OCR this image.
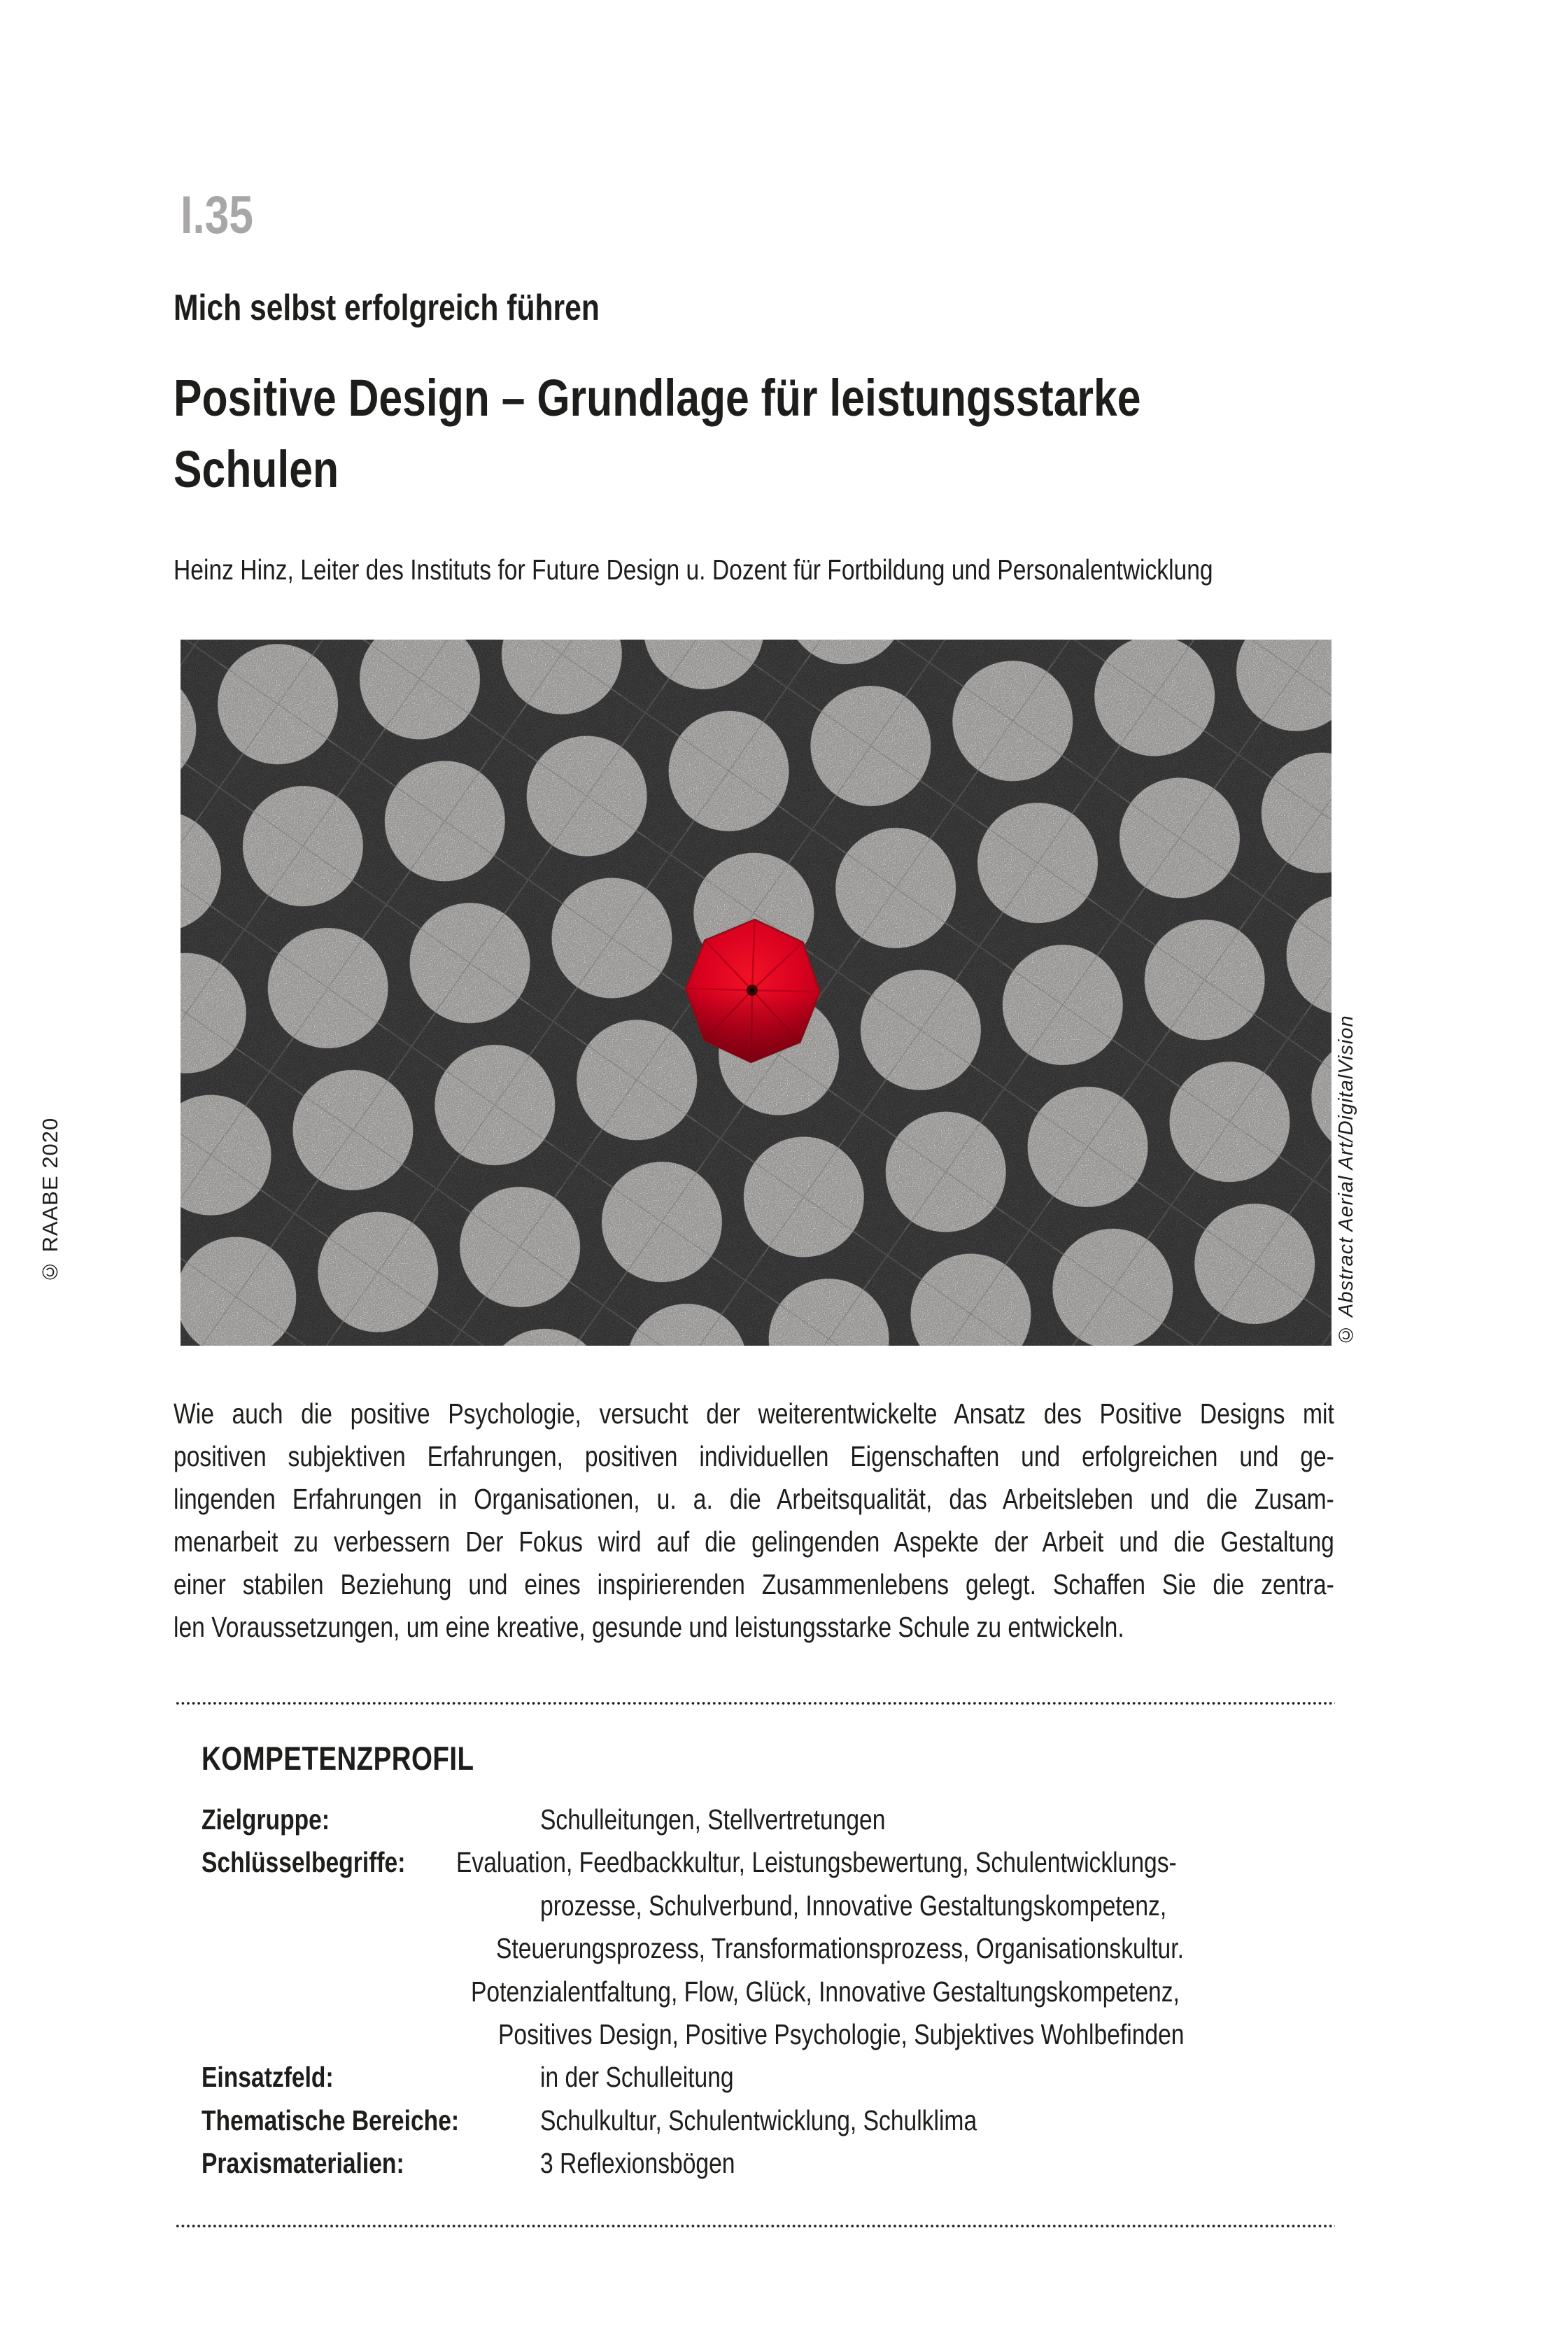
© RAABE 2020
I.35
Mich selbst erfolgreich führen
Positive Design – Grundlage für leistungsstarke
Schulen
Heinz Hinz, Leiter des Instituts for Future Design u. Dozent für Fortbildung und Personalentwicklung
© Abstract Aerial Art/DigitalVision
Wie auch die positive Psychologie, versucht der weiterentwickelte Ansatz des Positive Designs mit
positiven subjektiven Erfahrungen, positiven individuellen Eigenschaften und erfolgreichen und ge-
lingenden Erfahrungen in Organisationen, u. a. die Arbeitsqualität, das Arbeitsleben und die Zusam-
menarbeit zu verbessern Der Fokus wird auf die gelingenden Aspekte der Arbeit und die Gestaltung
einer stabilen Beziehung und eines inspirierenden Zusammenlebens gelegt. Schaffen Sie die zentra-
len Voraussetzungen, um eine kreative, gesunde und leistungsstarke Schule zu entwickeln.
KOMPETENZPROFIL
Zielgruppe:	Schulleitungen, Stellvertretungen
Schlüsselbegriffe:	Evaluation, Feedbackkultur, Leistungsbewertung, Schulentwicklungs-
prozesse, Schulverbund, Innovative Gestaltungskompetenz,
Steuerungsprozess, Transformationsprozess, Organisationskultur.
Potenzialentfaltung, Flow, Glück, Innovative Gestaltungskompetenz,
Positives Design, Positive Psychologie, Subjektives Wohlbefinden
Einsatzfeld:	in der Schulleitung
Thematische Bereiche:	Schulkultur, Schulentwicklung, Schulklima
Praxismaterialien:	3 Reflexionsbögen
